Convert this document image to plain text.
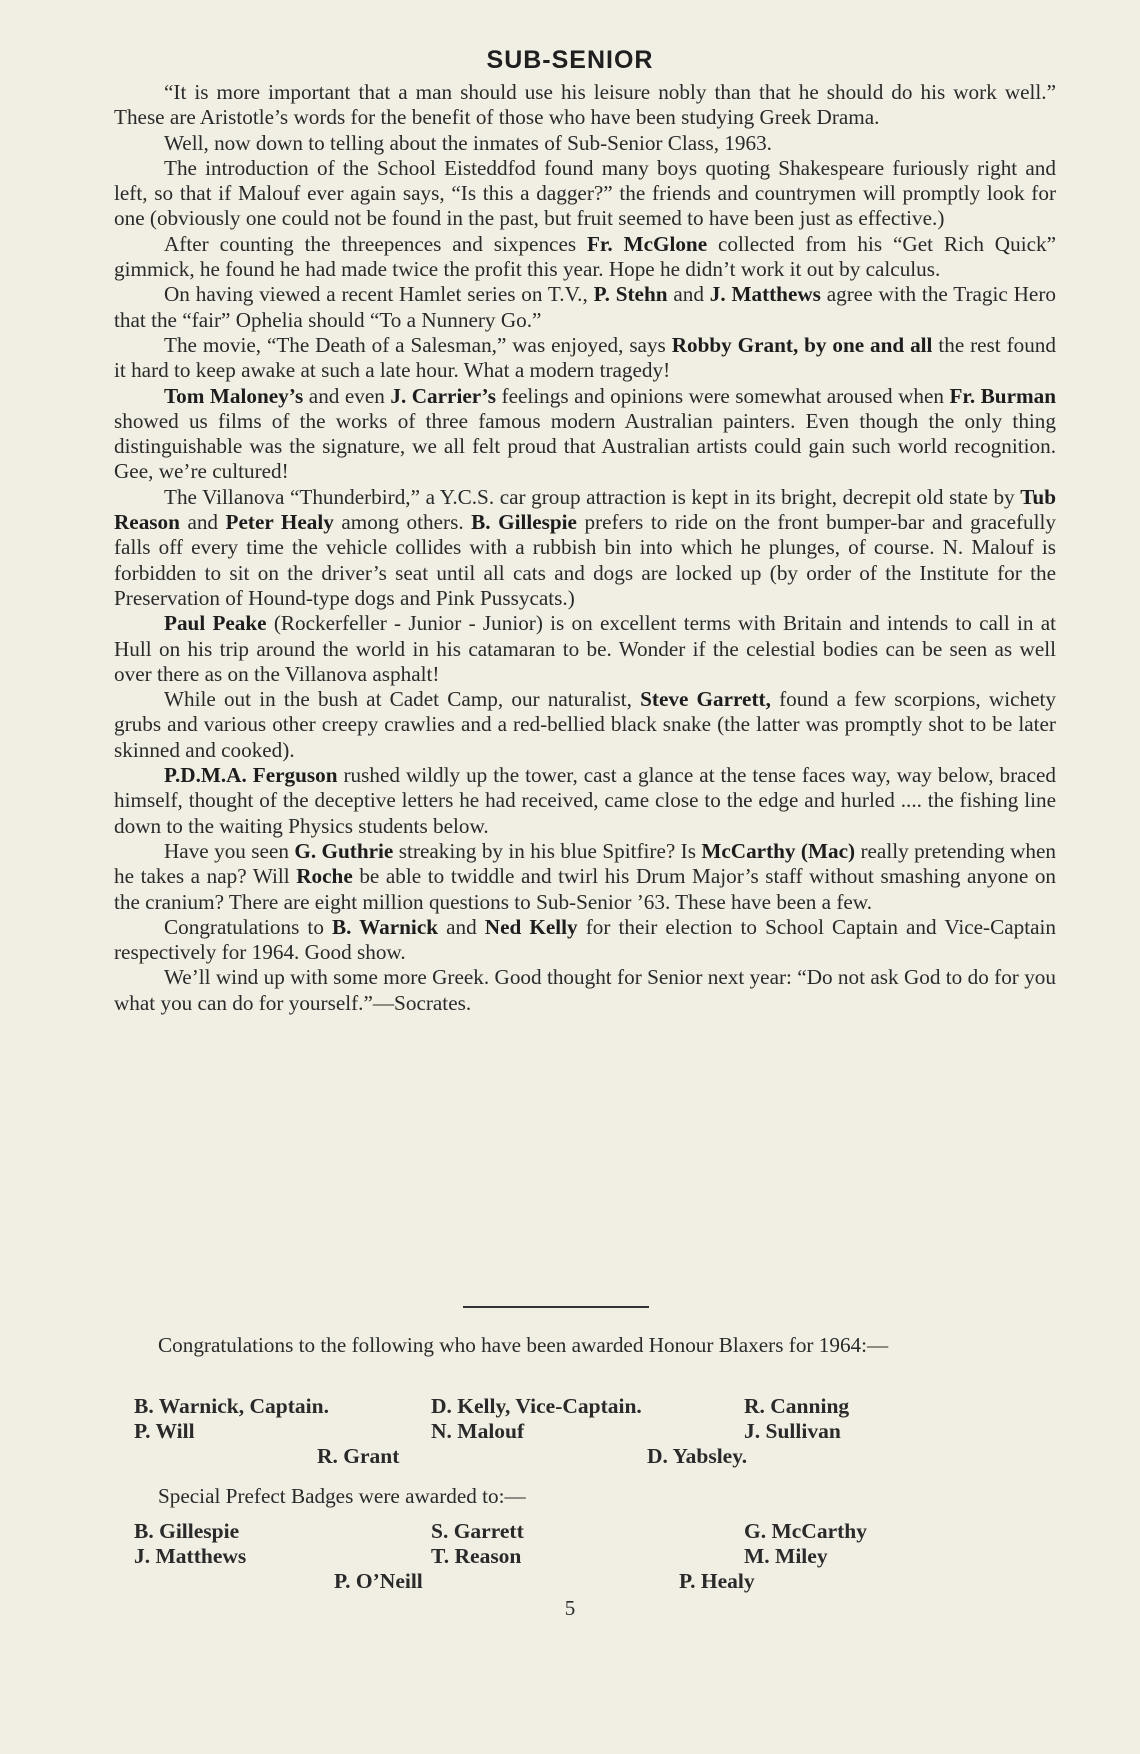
SUB-SENIOR

“It is more important that a man should use his leisure nobly than that he should do his work well.” These are Aristotle’s words for the benefit of those who have been studying Greek Drama.

Well, now down to telling about the inmates of Sub-Senior Class, 1963.

The introduction of the School Eisteddfod found many boys quoting Shakespeare furiously right and left, so that if Malouf ever again says, “Is this a dagger?” the friends and countrymen will promptly look for one (obviously one could not be found in the past, but fruit seemed to have been just as effective.)

After counting the threepences and sixpences Fr. McGlone collected from his “Get Rich Quick” gimmick, he found he had made twice the profit this year. Hope he didn’t work it out by calculus.

On having viewed a recent Hamlet series on T.V., P. Stehn and J. Matthews agree with the Tragic Hero that the “fair” Ophelia should “To a Nunnery Go.”

The movie, “The Death of a Salesman,” was enjoyed, says Robby Grant, by one and all the rest found it hard to keep awake at such a late hour. What a modern tragedy!

Tom Maloney’s and even J. Carrier’s feelings and opinions were somewhat aroused when Fr. Burman showed us films of the works of three famous modern Australian painters. Even though the only thing distinguishable was the signature, we all felt proud that Australian artists could gain such world recognition. Gee, we’re cultured!

The Villanova “Thunderbird,” a Y.C.S. car group attraction is kept in its bright, decrepit old state by Tub Reason and Peter Healy among others. B. Gillespie prefers to ride on the front bumper-bar and gracefully falls off every time the vehicle collides with a rubbish bin into which he plunges, of course. N. Malouf is forbidden to sit on the driver’s seat until all cats and dogs are locked up (by order of the Institute for the Preservation of Hound-type dogs and Pink Pussycats.)

Paul Peake (Rockerfeller - Junior - Junior) is on excellent terms with Britain and intends to call in at Hull on his trip around the world in his catamaran to be. Wonder if the celestial bodies can be seen as well over there as on the Villanova asphalt!

While out in the bush at Cadet Camp, our naturalist, Steve Garrett, found a few scorpions, wichety grubs and various other creepy crawlies and a red-bellied black snake (the latter was promptly shot to be later skinned and cooked).

P.D.M.A. Ferguson rushed wildly up the tower, cast a glance at the tense faces way, way below, braced himself, thought of the deceptive letters he had received, came close to the edge and hurled .... the fishing line down to the waiting Physics students below.

Have you seen G. Guthrie streaking by in his blue Spitfire? Is McCarthy (Mac) really pretending when he takes a nap? Will Roche be able to twiddle and twirl his Drum Major’s staff without smashing anyone on the cranium? There are eight million questions to Sub-Senior ’63. These have been a few.

Congratulations to B. Warnick and Ned Kelly for their election to School Captain and Vice-Captain respectively for 1964. Good show.

We’ll wind up with some more Greek. Good thought for Senior next year: “Do not ask God to do for you what you can do for yourself.”—Socrates.

Congratulations to the following who have been awarded Honour Blaxers for 1964:—

B. Warnick, Captain.	D. Kelly, Vice-Captain.	R. Canning
P. Will	N. Malouf	J. Sullivan
R. Grant	D. Yabsley.
Special Prefect Badges were awarded to:—
B. Gillespie	S. Garrett	G. McCarthy
J. Matthews	T. Reason	M. Miley
P. O’Neill	P. Healy
5
